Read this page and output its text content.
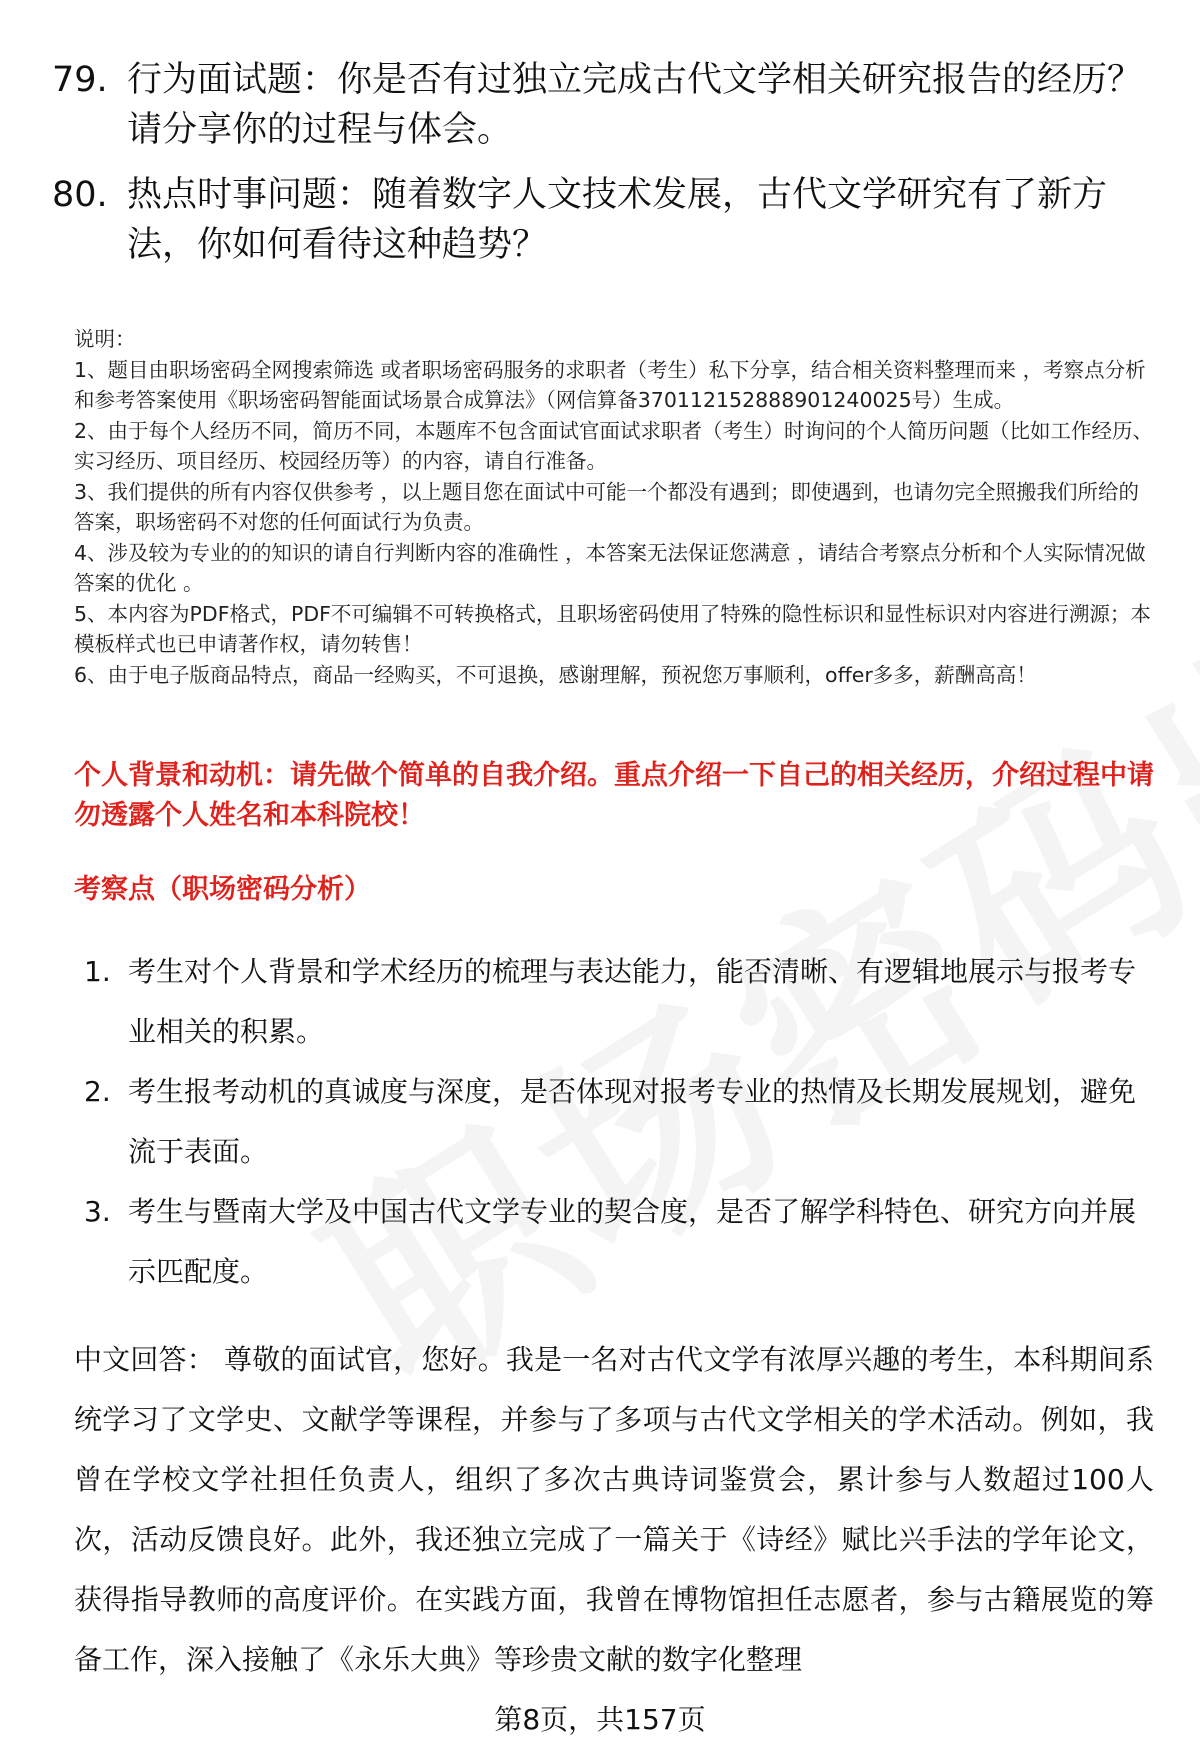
79. 行为面试题：你是否有过独立完成古代文学相关研究报告的经历？请分享你的过程与体会。
80. 热点时事问题：随着数字人文技术发展，古代文学研究有了新方法，你如何看待这种趋势？

说明：

1、题目由职场密码全网搜索筛选 或者职场密码服务的求职者（考生）私下分享，结合相关资料整理而来 ，考察点分析和参考答案使用《职场密码智能面试场景合成算法》（网信算备370112152888901240025号）生成。

2、由于每个人经历不同，简历不同，本题库不包含面试官面试求职者（考生）时询问的个人简历问题（比如工作经历、实习经历、项目经历、校园经历等）的内容，请自行准备。

3、我们提供的所有内容仅供参考 ，以上题目您在面试中可能一个都没有遇到；即使遇到，也请勿完全照搬我们所给的答案，职场密码不对您的任何面试行为负责。

4、涉及较为专业的的知识的请自行判断内容的准确性 ，本答案无法保证您满意 ，请结合考察点分析和个人实际情况做答案的优化 。

5、本内容为PDF格式，PDF不可编辑不可转换格式，且职场密码使用了特殊的隐性标识和显性标识对内容进行溯源；本模板样式也已申请著作权，请勿转售！

6、由于电子版商品特点，商品一经购买，不可退换，感谢理解，预祝您万事顺利，offer多多，薪酬高高！

个人背景和动机：请先做个简单的自我介绍。重点介绍一下自己的相关经历，介绍过程中请勿透露个人姓名和本科院校！
考察点（职场密码分析）
1. 考生对个人背景和学术经历的梳理与表达能力，能否清晰、有逻辑地展示与报考专业相关的积累。
2. 考生报考动机的真诚度与深度，是否体现对报考专业的热情及长期发展规划，避免流于表面。
3. 考生与暨南大学及中国古代文学专业的契合度，是否了解学科特色、研究方向并展示匹配度。
中文回答： 尊敬的面试官，您好。我是一名对古代文学有浓厚兴趣的考生，本科期间系统学习了文学史、文献学等课程，并参与了多项与古代文学相关的学术活动。例如，我曾在学校文学社担任负责人，组织了多次古典诗词鉴赏会，累计参与人数超过100人次，活动反馈良好。此外，我还独立完成了一篇关于《诗经》赋比兴手法的学年论文，获得指导教师的高度评价。在实践方面，我曾在博物馆担任志愿者，参与古籍展览的筹备工作，深入接触了《永乐大典》等珍贵文献的数字化整理
第8页，共157页
